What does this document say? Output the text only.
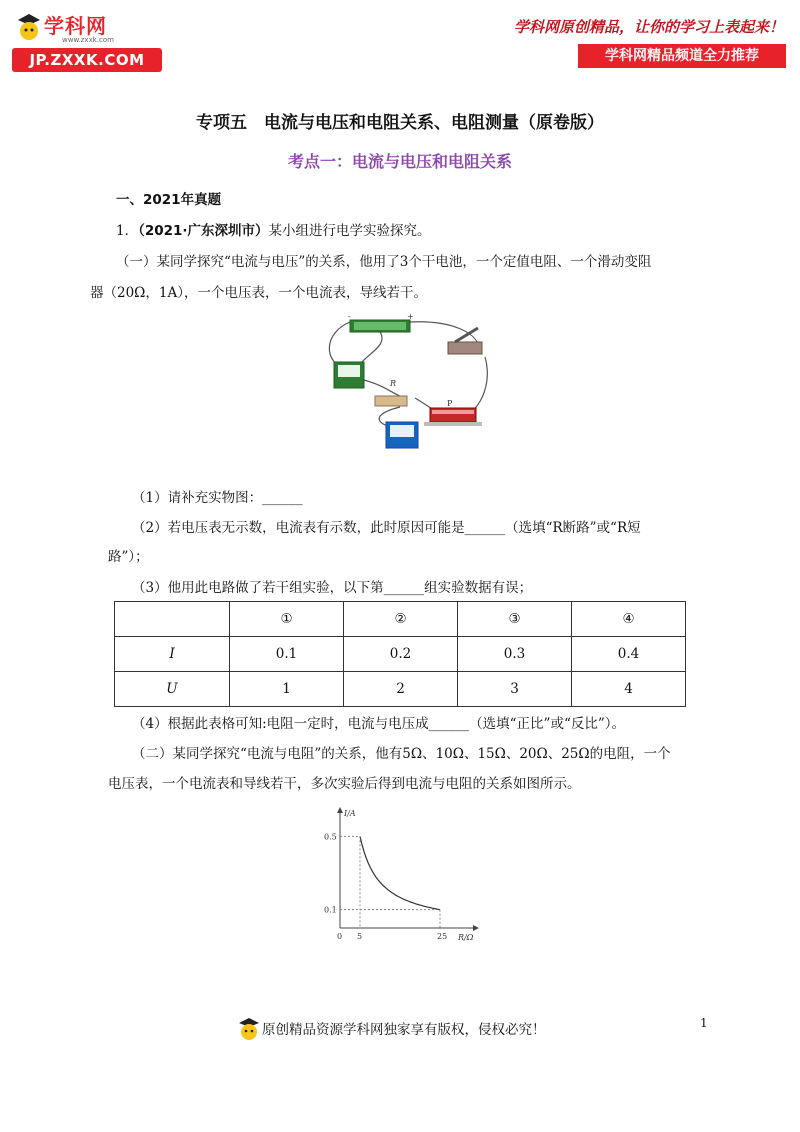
学科网
www.zxxk.com
JP.ZXXK.COM
学科网原创精品，让你的学习上表起来！
学科网精品频道全力推荐
专项五　电流与电压和电阻关系、电阻测量（原卷版）
考点一：电流与电压和电阻关系
一、2021年真题
1．（2021·广东深圳市）某小组进行电学实验探究。
（一）某同学探究“电流与电压”的关系，他用了3个干电池，一个定值电阻、一个滑动变阻
器（20Ω，1A），一个电压表，一个电流表，导线若干。
-	+
R
P
（1）请补充实物图：______
（2）若电压表无示数，电流表有示数，此时原因可能是______（选填“R断路”或“R短
路”）；
（3）他用此电路做了若干组实验，以下第______组实验数据有误；
	①	②	③	④
I	0.1	0.2	0.3	0.4
U	1	2	3	4
（4）根据此表格可知:电阻一定时，电流与电压成______（选填“正比”或“反比”）。
（二）某同学探究“电流与电阻”的关系，他有5Ω、10Ω、15Ω、20Ω、25Ω的电阻，一个
电压表，一个电流表和导线若干，多次实验后得到电流与电阻的关系如图所示。
I/A
R/Ω
0 5	25
0.5
0.1
原创精品资源学科网独家享有版权，侵权必究！	1
